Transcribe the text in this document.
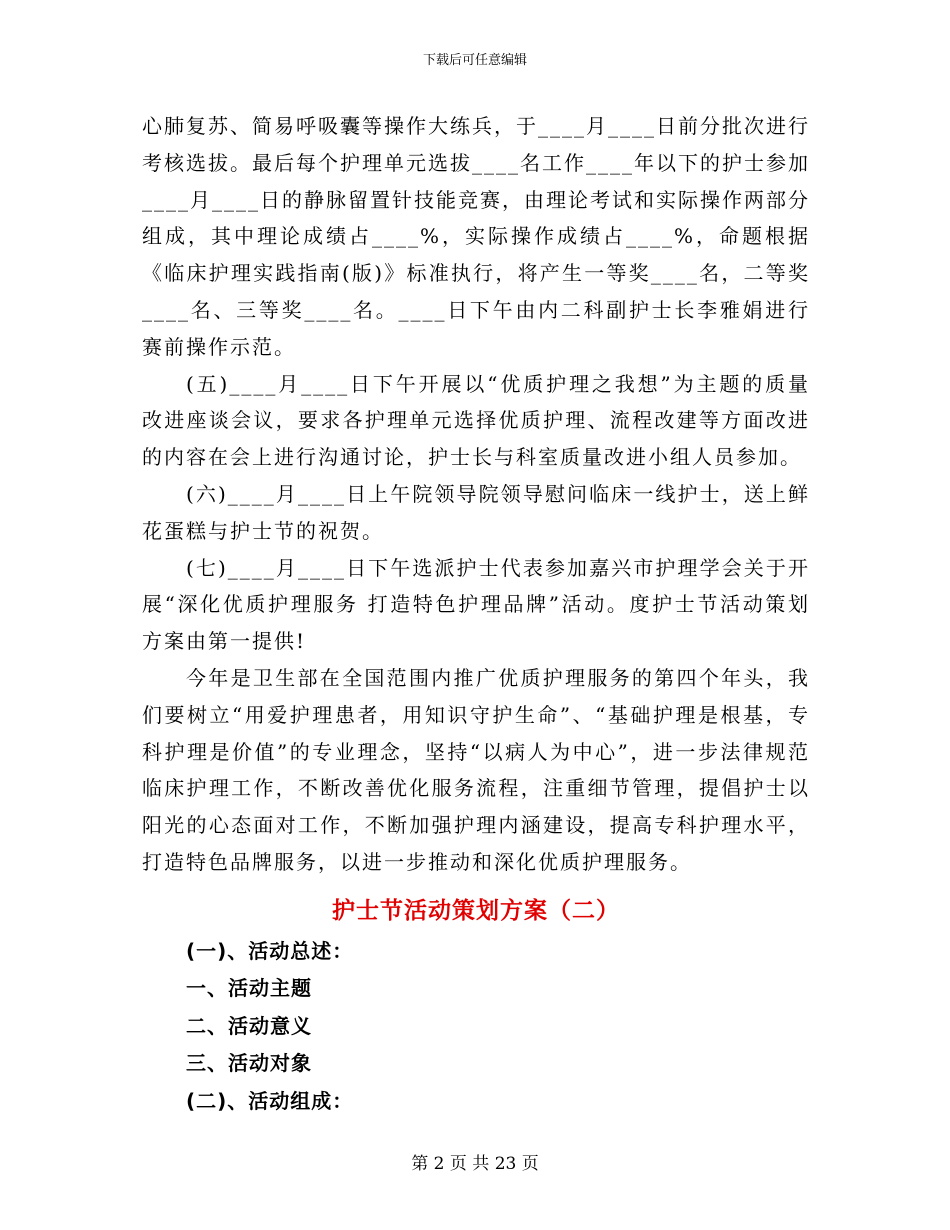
下载后可任意编辑

心肺复苏、简易呼吸囊等操作大练兵，于____月____日前分批次进行考核选拔。最后每个护理单元选拔____名工作____年以下的护士参加____月____日的静脉留置针技能竞赛，由理论考试和实际操作两部分组成，其中理论成绩占____%，实际操作成绩占____%，命题根据《临床护理实践指南(版)》标准执行，将产生一等奖____名，二等奖____名、三等奖____名。____日下午由内二科副护士长李雅娟进行赛前操作示范。

(五)____月____日下午开展以“优质护理之我想”为主题的质量改进座谈会议，要求各护理单元选择优质护理、流程改建等方面改进的内容在会上进行沟通讨论，护士长与科室质量改进小组人员参加。

(六)____月____日上午院领导院领导慰问临床一线护士，送上鲜花蛋糕与护士节的祝贺。

(七)____月____日下午选派护士代表参加嘉兴市护理学会关于开展“深化优质护理服务 打造特色护理品牌”活动。度护士节活动策划方案由第一提供!

今年是卫生部在全国范围内推广优质护理服务的第四个年头，我们要树立“用爱护理患者，用知识守护生命”、“基础护理是根基，专科护理是价值”的专业理念，坚持“以病人为中心”，进一步法律规范临床护理工作，不断改善优化服务流程，注重细节管理，提倡护士以阳光的心态面对工作，不断加强护理内涵建设，提高专科护理水平，打造特色品牌服务，以进一步推动和深化优质护理服务。

护士节活动策划方案（二）
(一)、活动总述：
一、活动主题
二、活动意义
三、活动对象
(二)、活动组成：
第 2 页 共 23 页
